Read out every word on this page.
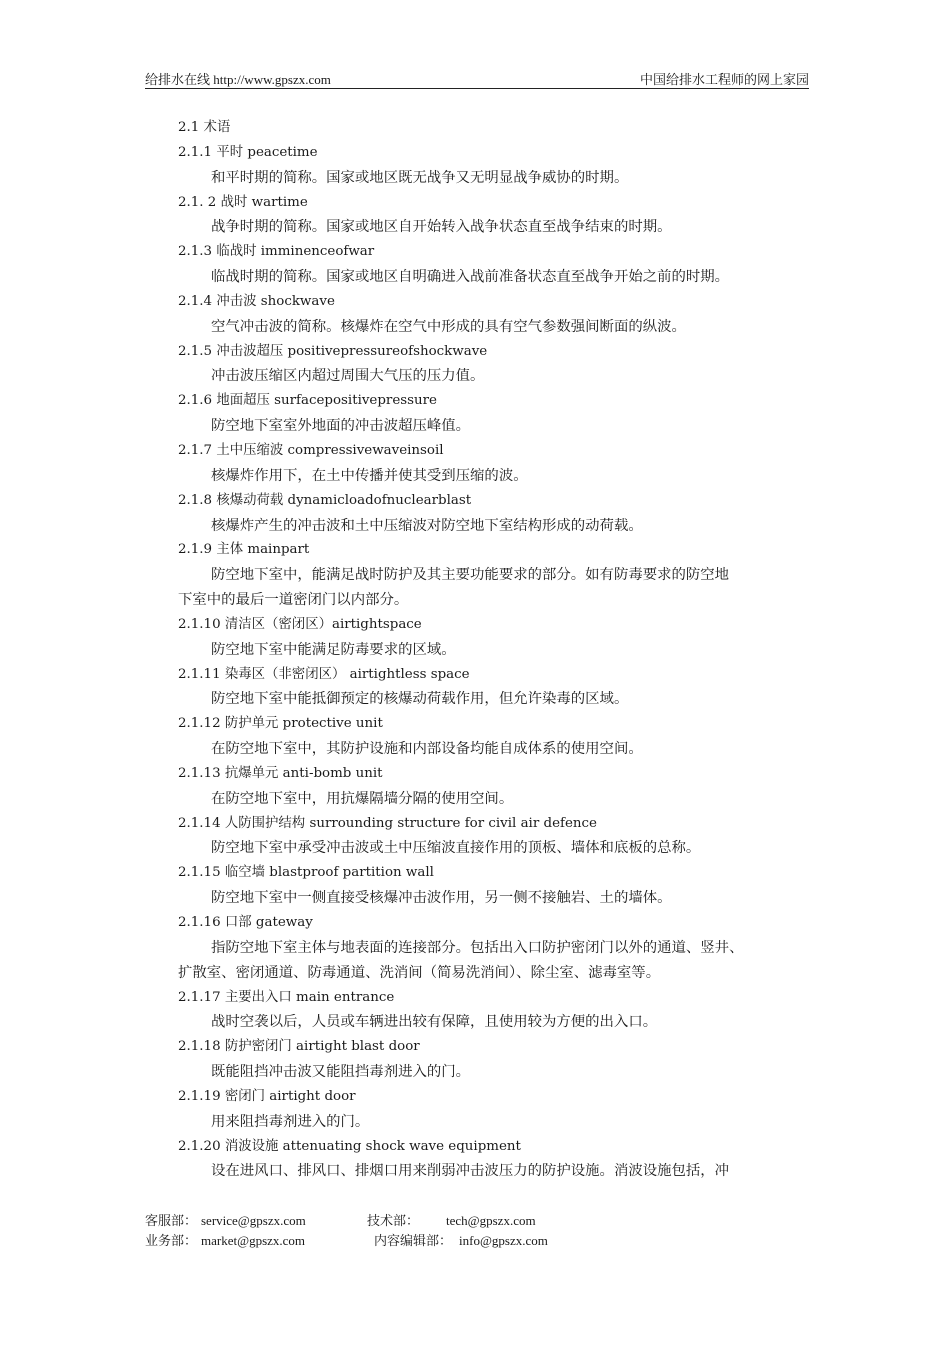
给排水在线 http://www.gpszx.com	中国给排水工程师的网上家园
2.1 术语
2.1.1 平时 peacetime
和平时期的简称。国家或地区既无战争又无明显战争威协的时期。
2.1. 2 战时 wartime
战争时期的简称。国家或地区自开始转入战争状态直至战争结束的时期。
2.1.3 临战时 imminenceofwar
临战时期的简称。国家或地区自明确进入战前准备状态直至战争开始之前的时期。
2.1.4 冲击波 shockwave
空气冲击波的简称。核爆炸在空气中形成的具有空气参数强间断面的纵波。
2.1.5 冲击波超压 positivepressureofshockwave
冲击波压缩区内超过周围大气压的压力值。
2.1.6 地面超压 surfacepositivepressure
防空地下室室外地面的冲击波超压峰值。
2.1.7 土中压缩波 compressivewaveinsoil
核爆炸作用下，在土中传播并使其受到压缩的波。
2.1.8 核爆动荷载 dynamicloadofnuclearblast
核爆炸产生的冲击波和土中压缩波对防空地下室结构形成的动荷载。
2.1.9 主体 mainpart
防空地下室中，能满足战时防护及其主要功能要求的部分。如有防毒要求的防空地
下室中的最后一道密闭门以内部分。
2.1.10 清洁区（密闭区）airtightspace
防空地下室中能满足防毒要求的区域。
2.1.11 染毒区（非密闭区） airtightless space
防空地下室中能抵御预定的核爆动荷载作用，但允许染毒的区域。
2.1.12 防护单元 protective unit
在防空地下室中，其防护设施和内部设备均能自成体系的使用空间。
2.1.13 抗爆单元 anti-bomb unit
在防空地下室中，用抗爆隔墙分隔的使用空间。
2.1.14 人防围护结构 surrounding structure for civil air defence
防空地下室中承受冲击波或土中压缩波直接作用的顶板、墙体和底板的总称。
2.1.15 临空墙 blastproof partition wall
防空地下室中一侧直接受核爆冲击波作用，另一侧不接触岩、土的墙体。
2.1.16 口部 gateway
指防空地下室主体与地表面的连接部分。包括出入口防护密闭门以外的通道、竖井、
扩散室、密闭通道、防毒通道、洗消间（简易洗消间）、除尘室、滤毒室等。
2.1.17 主要出入口 main entrance
战时空袭以后，人员或车辆进出较有保障，且使用较为方便的出入口。
2.1.18 防护密闭门 airtight blast door
既能阻挡冲击波又能阻挡毒剂进入的门。
2.1.19 密闭门 airtight door
用来阻挡毒剂进入的门。
2.1.20 消波设施 attenuating shock wave equipment
设在进风口、排风口、排烟口用来削弱冲击波压力的防护设施。消波设施包括，冲
客服部： service@gpszx.com	技术部： tech@gpszx.com
业务部： market@gpszx.com	内容编辑部： info@gpszx.com
